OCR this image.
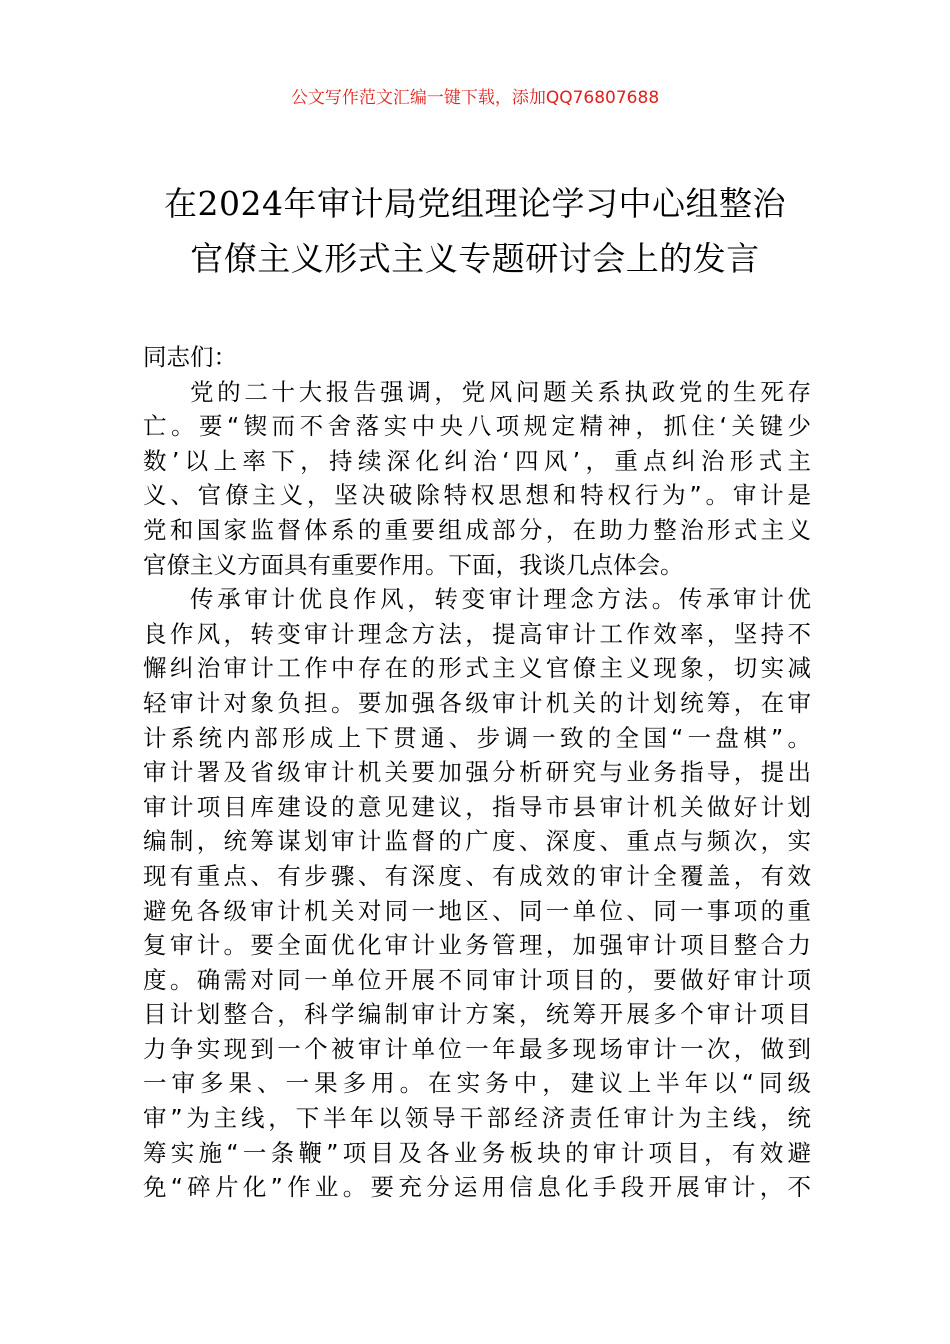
公文写作范文汇编一键下载，添加QQ76807688
在2024年审计局党组理论学习中心组整治
官僚主义形式主义专题研讨会上的发言
同志们：
党的二十大报告强调，党风问题关系执政党的生死存
亡。要“锲而不舍落实中央八项规定精神，抓住‘关键少
数’以上率下，持续深化纠治‘四风’，重点纠治形式主
义、官僚主义，坚决破除特权思想和特权行为”。审计是
党和国家监督体系的重要组成部分，在助力整治形式主义
官僚主义方面具有重要作用。下面，我谈几点体会。
传承审计优良作风，转变审计理念方法。传承审计优
良作风，转变审计理念方法，提高审计工作效率，坚持不
懈纠治审计工作中存在的形式主义官僚主义现象，切实减
轻审计对象负担。要加强各级审计机关的计划统筹，在审
计系统内部形成上下贯通、步调一致的全国“一盘棋”。
审计署及省级审计机关要加强分析研究与业务指导，提出
审计项目库建设的意见建议，指导市县审计机关做好计划
编制，统筹谋划审计监督的广度、深度、重点与频次，实
现有重点、有步骤、有深度、有成效的审计全覆盖，有效
避免各级审计机关对同一地区、同一单位、同一事项的重
复审计。要全面优化审计业务管理，加强审计项目整合力
度。确需对同一单位开展不同审计项目的，要做好审计项
目计划整合，科学编制审计方案，统筹开展多个审计项目
力争实现到一个被审计单位一年最多现场审计一次，做到
一审多果、一果多用。在实务中，建议上半年以“同级
审”为主线，下半年以领导干部经济责任审计为主线，统
筹实施“一条鞭”项目及各业务板块的审计项目，有效避
免“碎片化”作业。要充分运用信息化手段开展审计，不
